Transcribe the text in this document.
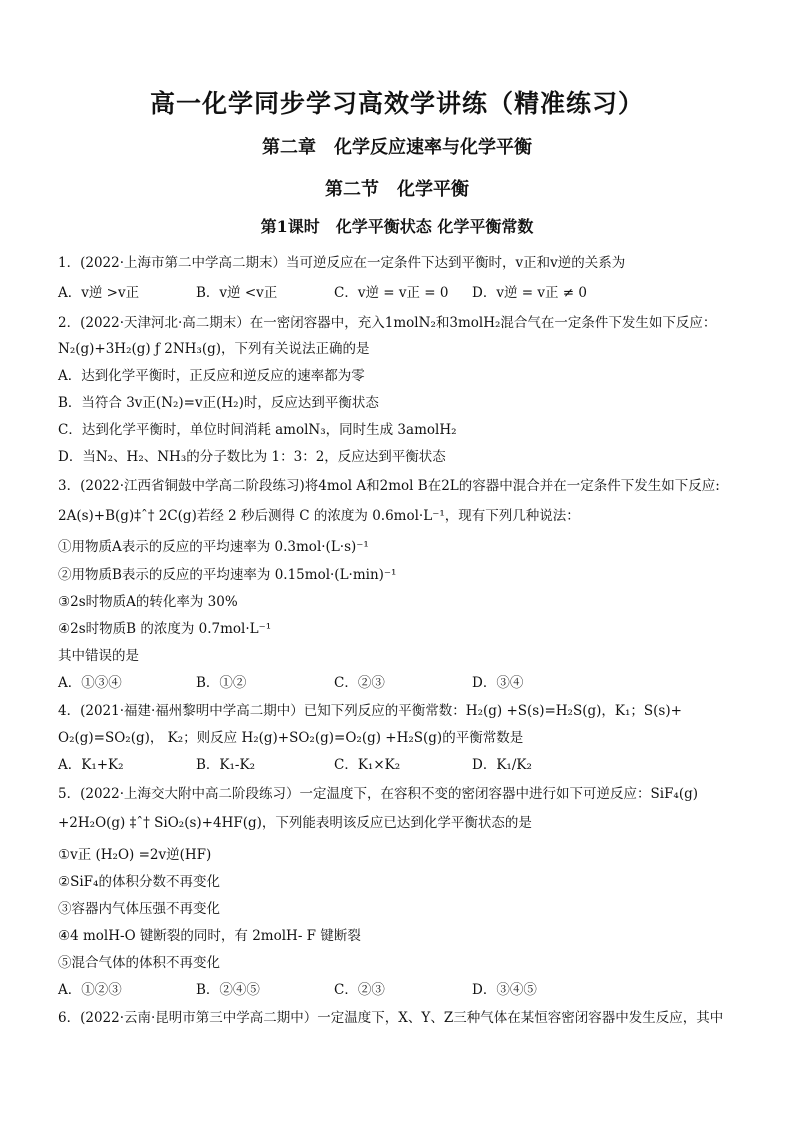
高一化学同步学习高效学讲练（精准练习）
第二章　化学反应速率与化学平衡
第二节　化学平衡
第1课时　化学平衡状态 化学平衡常数
1．(2022·上海市第二中学高二期末）当可逆反应在一定条件下达到平衡时，v正和v逆的关系为
A．v逆 >v正	B．v逆 <v正	C．v逆 = v正 = 0 D．v逆 = v正 ≠ 0
2．(2022·天津河北·高二期末）在一密闭容器中，充入1molN₂和3molH₂混合气在一定条件下发生如下反应：
N₂(g)+3H₂(g) ƒ 2NH₃(g)，下列有关说法正确的是
A．达到化学平衡时，正反应和逆反应的速率都为零
B．当符合 3v正(N₂)=v正(H₂)时，反应达到平衡状态
C．达到化学平衡时，单位时间消耗 amolN₃，同时生成 3amolH₂
D．当N₂、H₂、NH₃的分子数比为 1：3：2，反应达到平衡状态
3．(2022·江西省铜鼓中学高二阶段练习)将4mol A和2mol B在2L的容器中混合并在一定条件下发生如下反应:
2A(s)+B(g)‡ˆ† 2C(g)若经 2 秒后测得 C 的浓度为 0.6mol·L⁻¹，现有下列几种说法：
①用物质A表示的反应的平均速率为 0.3mol·(L·s)⁻¹
②用物质B表示的反应的平均速率为 0.15mol·(L·min)⁻¹
③2s时物质A的转化率为 30%
④2s时物质B 的浓度为 0.7mol·L⁻¹
其中错误的是
A．①③④	B．①②	C．②③	D．③④
4．(2021·福建·福州黎明中学高二期中）已知下列反应的平衡常数：H₂(g) +S(s)=H₂S(g)，K₁；S(s)+
O₂(g)=SO₂(g)， K₂；则反应 H₂(g)+SO₂(g)=O₂(g) +H₂S(g)的平衡常数是
A．K₁+K₂	B．K₁-K₂	C．K₁×K₂	D．K₁/K₂
5．(2022·上海交大附中高二阶段练习）一定温度下，在容积不变的密闭容器中进行如下可逆反应：SiF₄(g)
+2H₂O(g) ‡ˆ† SiO₂(s)+4HF(g)，下列能表明该反应已达到化学平衡状态的是
①v正 (H₂O) =2v逆(HF)
②SiF₄的体积分数不再变化
③容器内气体压强不再变化
④4 molH-O 键断裂的同时，有 2molH- F 键断裂
⑤混合气体的体积不再变化
A．①②③	B．②④⑤	C．②③	D．③④⑤
6．(2022·云南·昆明市第三中学高二期中）一定温度下，X、Y、Z三种气体在某恒容密闭容器中发生反应，其中
